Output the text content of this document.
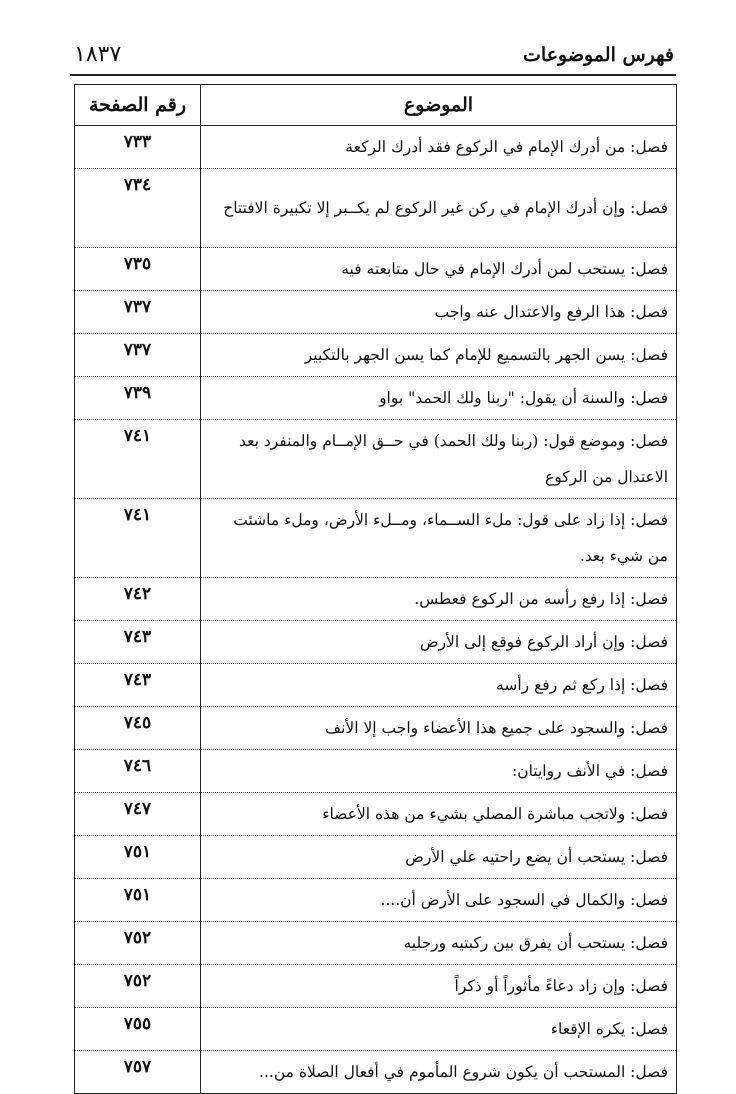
فهرس الموضوعات
١٨٣٧
الموضوع	رقم الصفحة
فصل: من أدرك الإمام في الركوع فقد أدرك الركعة	٧٣٣
فصل: وإن أدرك الإمام في ركن غير الركوع لم يكــبر إلا تكبيرة الافتتاح	٧٣٤
فصل: يستحب لمن أدرك الإمام في حال متابعته فيه	٧٣٥
فصل: هذا الرفع والاعتدال عنه واجب	٧٣٧
فصل: يسن الجهر بالتسميع للإمام كما يسن الجهر بالتكبير	٧٣٧
فصل: والسنة أن يقول: "ربنا ولك الحمد" بواو	٧٣٩
فصل: وموضع قول: (ربنا ولك الحمد) في حــق الإمــام والمنفرد بعد الاعتدال من الركوع	٧٤١
فصل: إذا زاد على قول: ملء الســماء، ومــلء الأرض، وملء ماشئت من شيء بعد.	٧٤١
فصل: إذا رفع رأسه من الركوع فعطس.	٧٤٢
فصل: وإن أراد الركوع فوقع إلى الأرض	٧٤٣
فصل: إذا ركع ثم رفع رأسه	٧٤٣
فصل: والسجود على جميع هذا الأعضاء واجب إلا الأنف	٧٤٥
فصل: في الأنف روايتان:	٧٤٦
فصل: ولاتجب مباشرة المصلي بشيء من هذه الأعضاء	٧٤٧
فصل: يستحب أن يضع راحتيه علي الأرض	٧٥١
فصل: والكمال في السجود على الأرض أن....	٧٥١
فصل: يستحب أن يفرق بين ركبتيه ورجليه	٧٥٢
فصل: وإن زاد دعاءً مأثوراً أو ذكراً	٧٥٢
فصل: يكره الإقعاء	٧٥٥
فصل: المستحب أن يكون شروع المأموم في أفعال الصلاة من...	٧٥٧
